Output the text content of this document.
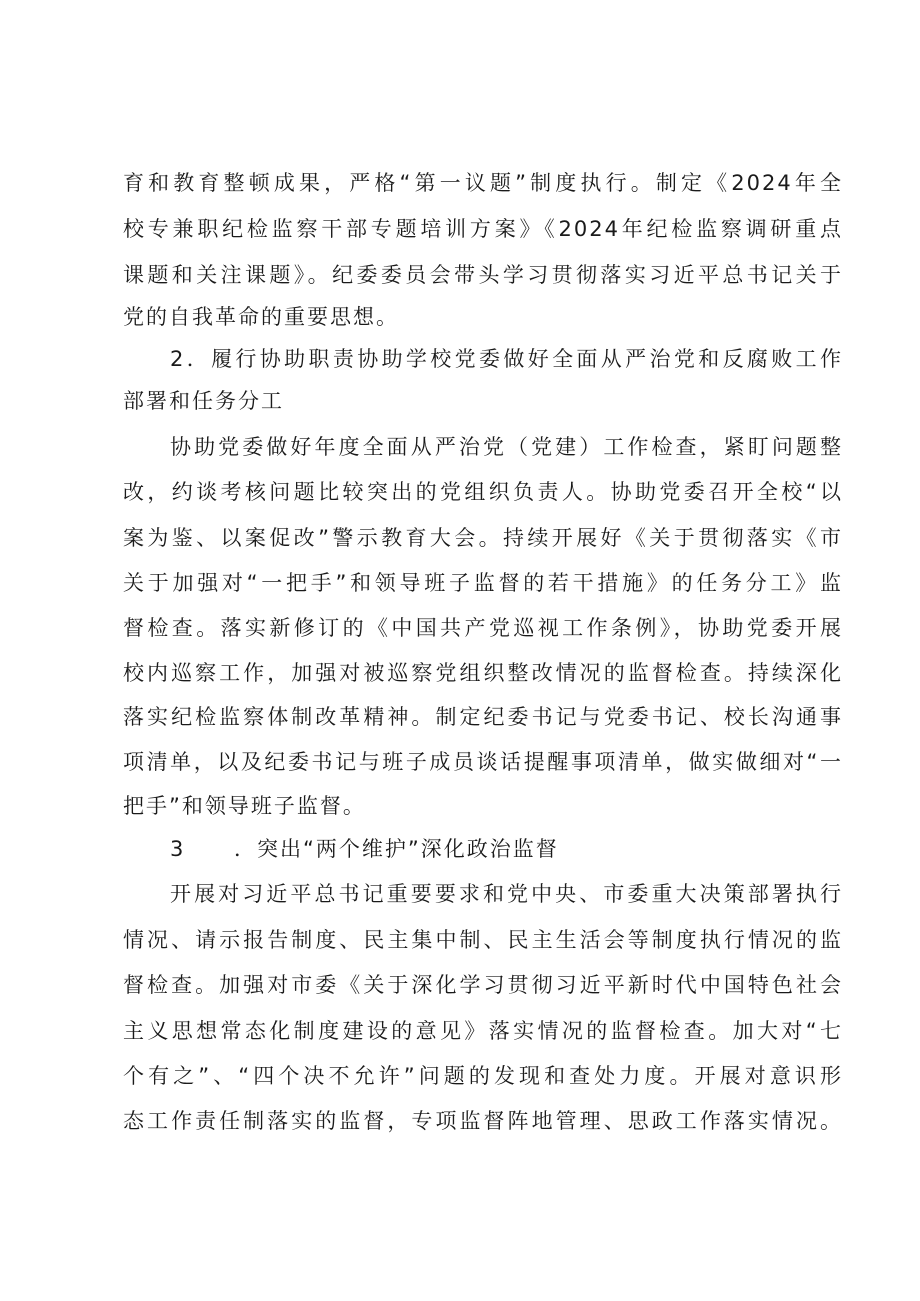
育和教育整顿成果，严格“第一议题”制度执行。制定《2024年全
校专兼职纪检监察干部专题培训方案》《2024年纪检监察调研重点
课题和关注课题》。纪委委员会带头学习贯彻落实习近平总书记关于
党的自我革命的重要思想。
2．履行协助职责协助学校党委做好全面从严治党和反腐败工作
部署和任务分工
协助党委做好年度全面从严治党（党建）工作检查，紧盯问题整
改，约谈考核问题比较突出的党组织负责人。协助党委召开全校“以
案为鉴、以案促改”警示教育大会。持续开展好《关于贯彻落实《市
关于加强对“一把手”和领导班子监督的若干措施》的任务分工》监
督检查。落实新修订的《中国共产党巡视工作条例》，协助党委开展
校内巡察工作，加强对被巡察党组织整改情况的监督检查。持续深化
落实纪检监察体制改革精神。制定纪委书记与党委书记、校长沟通事
项清单，以及纪委书记与班子成员谈话提醒事项清单，做实做细对“一
把手”和领导班子监督。
3 ．突出“两个维护”深化政治监督
开展对习近平总书记重要要求和党中央、市委重大决策部署执行
情况、请示报告制度、民主集中制、民主生活会等制度执行情况的监
督检查。加强对市委《关于深化学习贯彻习近平新时代中国特色社会
主义思想常态化制度建设的意见》落实情况的监督检查。加大对“七
个有之”、“四个决不允许”问题的发现和查处力度。开展对意识形
态工作责任制落实的监督，专项监督阵地管理、思政工作落实情况。
